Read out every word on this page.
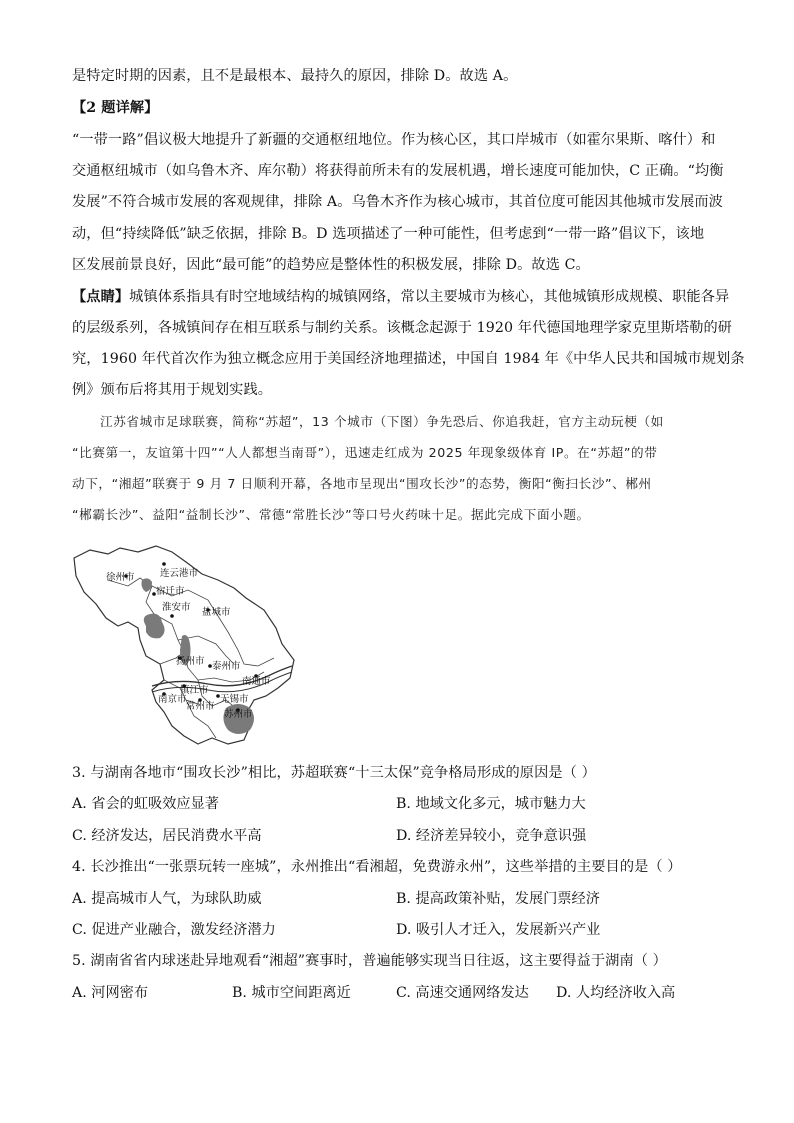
是特定时期的因素，且不是最根本、最持久的原因，排除 D。故选 A。
【2 题详解】
“一带一路”倡议极大地提升了新疆的交通枢纽地位。作为核心区，其口岸城市（如霍尔果斯、喀什）和
交通枢纽城市（如乌鲁木齐、库尔勒）将获得前所未有的发展机遇，增长速度可能加快，C 正确。“均衡
发展”不符合城市发展的客观规律，排除 A。乌鲁木齐作为核心城市，其首位度可能因其他城市发展而波
动，但“持续降低”缺乏依据，排除 B。D 选项描述了一种可能性，但考虑到“一带一路”倡议下，该地
区发展前景良好，因此“最可能”的趋势应是整体性的积极发展，排除 D。故选 C。
【点睛】城镇体系指具有时空地域结构的城镇网络，常以主要城市为核心，其他城镇形成规模、职能各异
的层级系列，各城镇间存在相互联系与制约关系。该概念起源于 1920 年代德国地理学家克里斯塔勒的研
究，1960 年代首次作为独立概念应用于美国经济地理描述，中国自 1984 年《中华人民共和国城市规划条
例》颁布后将其用于规划实践。
江苏省城市足球联赛，简称“苏超”，13 个城市（下图）争先恐后、你追我赶，官方主动玩梗（如
“比赛第一，友谊第十四”“人人都想当南哥”），迅速走红成为 2025 年现象级体育 IP。在“苏超”的带
动下，“湘超”联赛于 9 月 7 日顺利开幕，各地市呈现出“围攻长沙”的态势，衡阳“衡扫长沙”、郴州
“郴霸长沙”、益阳“益制长沙”、常德“常胜长沙”等口号火药味十足。据此完成下面小题。
徐州市	连云港市
宿迁市
淮安市 盐城市
扬州市 泰州市
南通市
镇江市
南京市	无锡市
常州市
苏州市
3. 与湖南各地市“围攻长沙”相比，苏超联赛“十三太保”竞争格局形成的原因是（ ）
A. 省会的虹吸效应显著	B. 地域文化多元，城市魅力大
C. 经济发达，居民消费水平高	D. 经济差异较小，竞争意识强
4. 长沙推出“一张票玩转一座城”，永州推出“看湘超，免费游永州”，这些举措的主要目的是（ ）
A. 提高城市人气，为球队助威	B. 提高政策补贴，发展门票经济
C. 促进产业融合，激发经济潜力	D. 吸引人才迁入，发展新兴产业
5. 湖南省省内球迷赴异地观看“湘超”赛事时，普遍能够实现当日往返，这主要得益于湖南（ ）
A. 河网密布	B. 城市空间距离近	C. 高速交通网络发达 D. 人均经济收入高
